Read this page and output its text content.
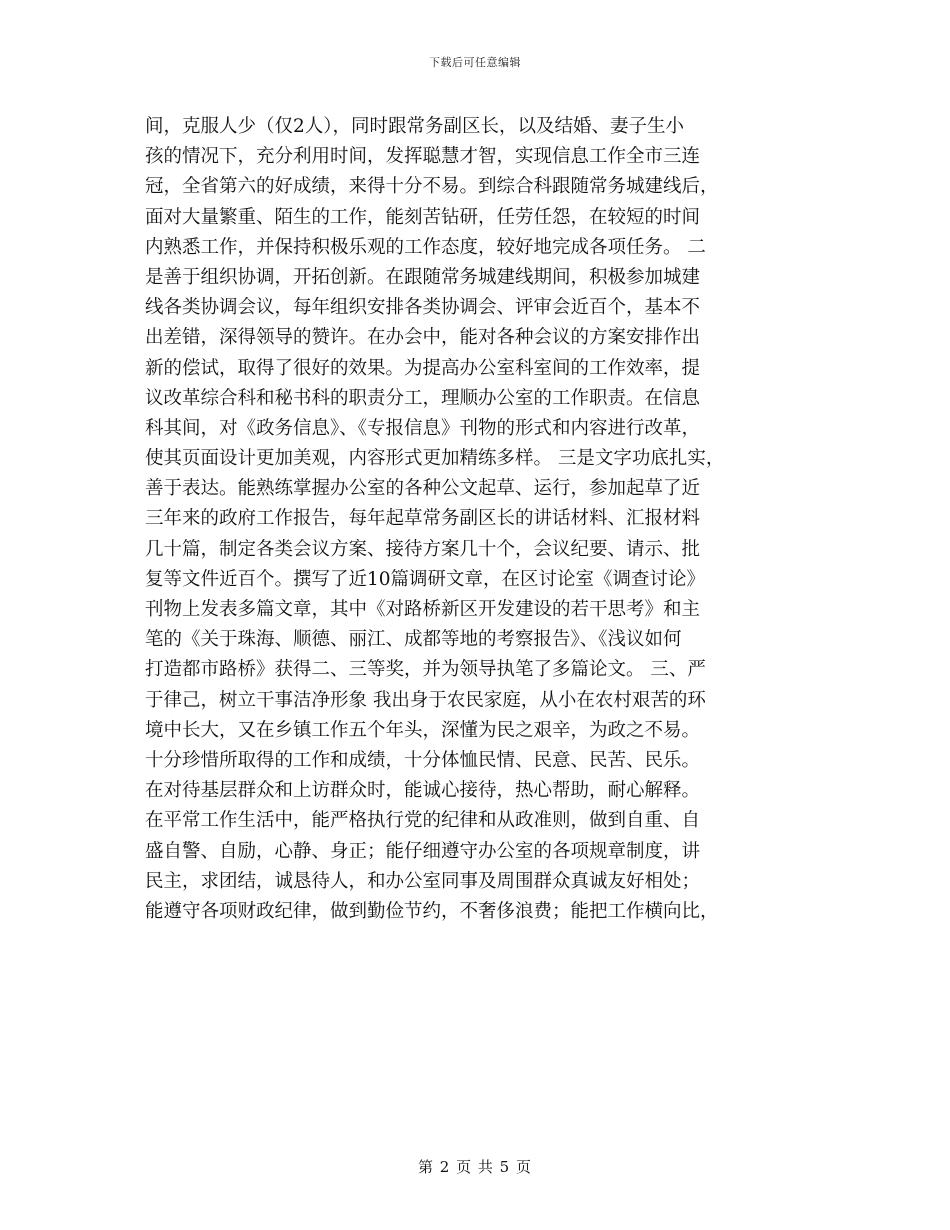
下载后可任意编辑
间，克服人少（仅2人），同时跟常务副区长，以及结婚、妻子生小
孩的情况下，充分利用时间，发挥聪慧才智，实现信息工作全市三连
冠，全省第六的好成绩，来得十分不易。到综合科跟随常务城建线后，
面对大量繁重、陌生的工作，能刻苦钻研，任劳任怨，在较短的时间
内熟悉工作，并保持积极乐观的工作态度，较好地完成各项任务。 二
是善于组织协调，开拓创新。在跟随常务城建线期间，积极参加城建
线各类协调会议，每年组织安排各类协调会、评审会近百个，基本不
出差错，深得领导的赞许。在办会中，能对各种会议的方案安排作出
新的偿试，取得了很好的效果。为提高办公室科室间的工作效率，提
议改革综合科和秘书科的职责分工，理顺办公室的工作职责。在信息
科其间，对《政务信息》、《专报信息》刊物的形式和内容进行改革，
使其页面设计更加美观，内容形式更加精练多样。 三是文字功底扎实，
善于表达。能熟练掌握办公室的各种公文起草、运行，参加起草了近
三年来的政府工作报告，每年起草常务副区长的讲话材料、汇报材料
几十篇，制定各类会议方案、接待方案几十个，会议纪要、请示、批
复等文件近百个。撰写了近10篇调研文章，在区讨论室《调查讨论》
刊物上发表多篇文章，其中《对路桥新区开发建设的若干思考》和主
笔的《关于珠海、顺德、丽江、成都等地的考察报告》、《浅议如何
打造都市路桥》获得二、三等奖，并为领导执笔了多篇论文。 三、严
于律己，树立干事洁净形象 我出身于农民家庭，从小在农村艰苦的环
境中长大，又在乡镇工作五个年头，深懂为民之艰辛，为政之不易。
十分珍惜所取得的工作和成绩，十分体恤民情、民意、民苦、民乐。
在对待基层群众和上访群众时，能诚心接待，热心帮助，耐心解释。
在平常工作生活中，能严格执行党的纪律和从政准则，做到自重、自
盛自警、自励，心静、身正；能仔细遵守办公室的各项规章制度，讲
民主，求团结，诚恳待人，和办公室同事及周围群众真诚友好相处；
能遵守各项财政纪律，做到勤俭节约，不奢侈浪费；能把工作横向比，
第 2 页 共 5 页
